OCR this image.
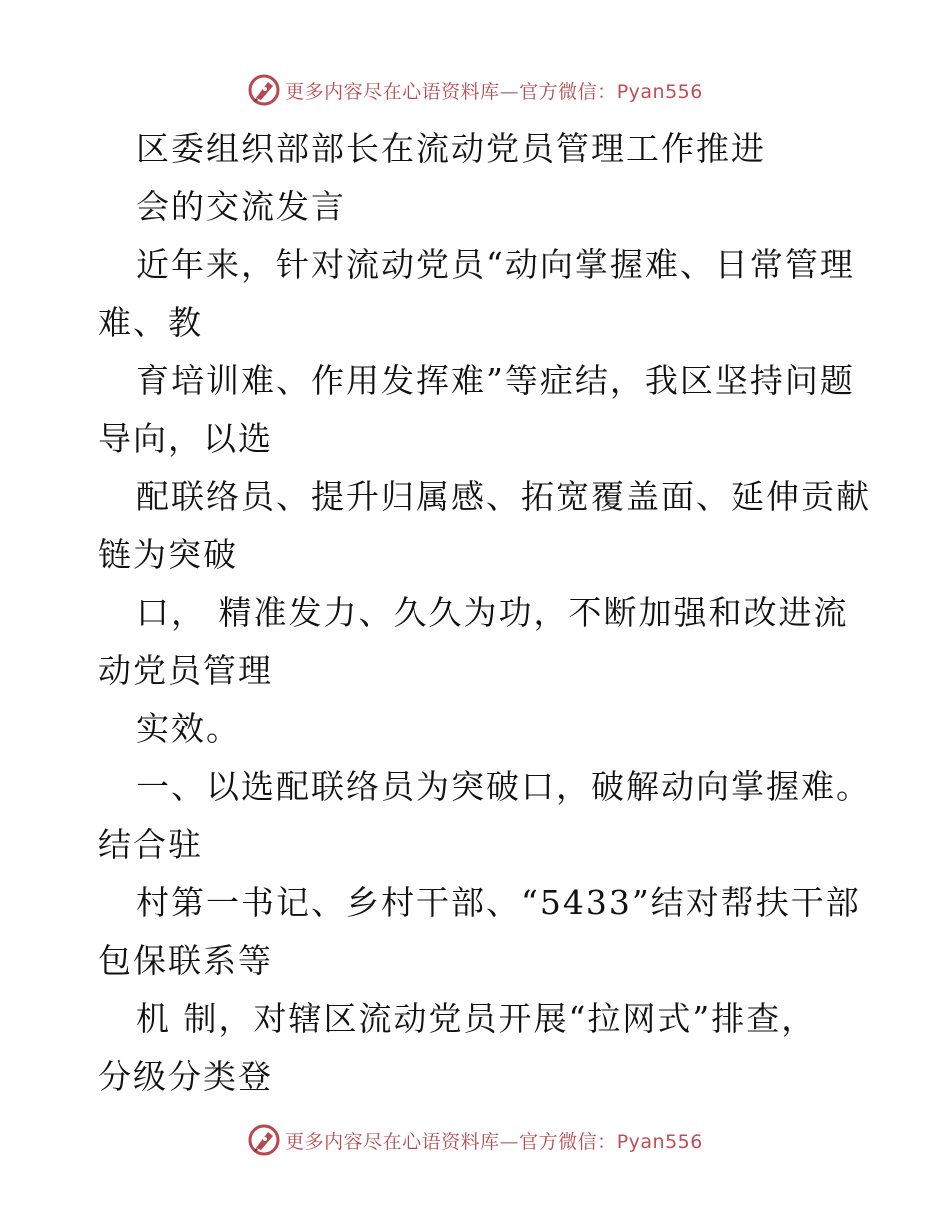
更多内容尽在心语资料库—官方微信：Pyan556
区委组织部部长在流动党员管理工作推进
会的交流发言
近年来，针对流动党员“动向掌握难、日常管理
难、教
育培训难、作用发挥难”等症结，我区坚持问题
导向，以选
配联络员、提升归属感、拓宽覆盖面、延伸贡献
链为突破
口， 精准发力、久久为功，不断加强和改进流
动党员管理
实效。
一、以选配联络员为突破口，破解动向掌握难。
结合驻
村第一书记、乡村干部、“5433”结对帮扶干部
包保联系等
机 制，对辖区流动党员开展“拉网式”排查，
分级分类登
更多内容尽在心语资料库—官方微信：Pyan556
